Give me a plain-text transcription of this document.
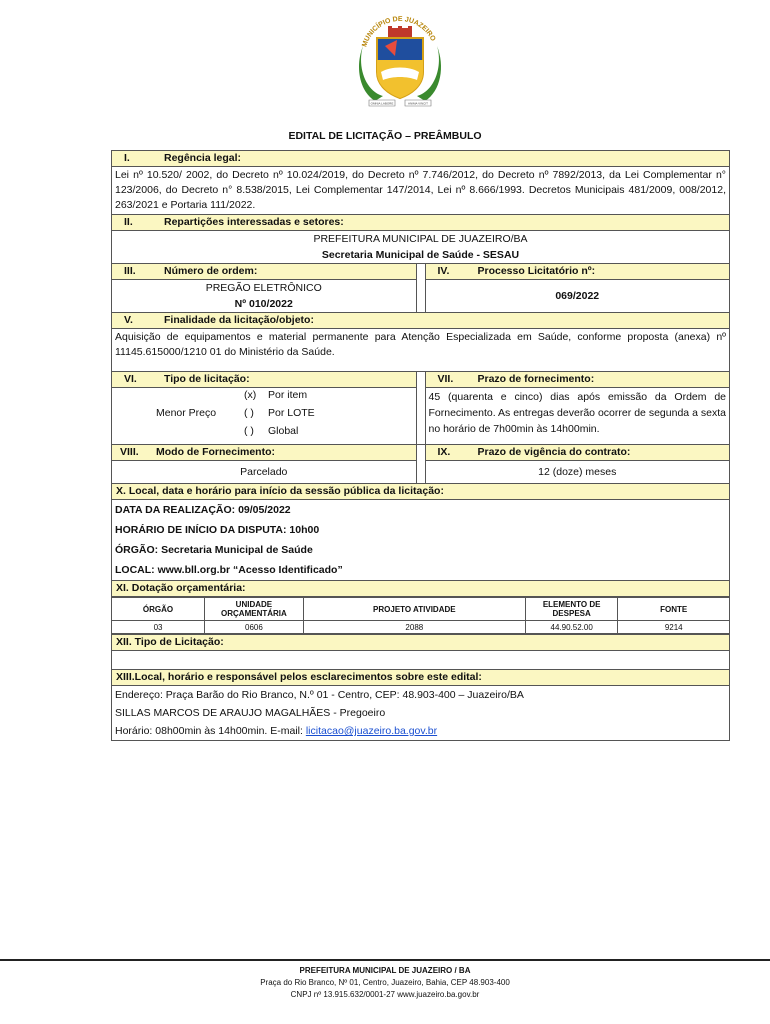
MUNICÍPIO DE JUAZEIRO
OMNIA LABORE	ANIMA VINCIT
EDITAL DE LICITAÇÃO – PREÂMBULO
I.	Regência legal:
Lei nº 10.520/ 2002, do Decreto nº 10.024/2019, do Decreto nº 7.746/2012, do Decreto nº 7892/2013, da Lei Complementar n° 123/2006, do Decreto n° 8.538/2015, Lei Complementar 147/2014, Lei nº 8.666/1993. Decretos Municipais 481/2009, 008/2012, 263/2021 e Portaria 111/2022.
II.	Repartições interessadas e setores:
PREFEITURA MUNICIPAL DE JUAZEIRO/BA
Secretaria Municipal de Saúde - SESAU
III.	Número de ordem:
PREGÃO ELETRÔNICO
Nº 010/2022
IV.	Processo Licitatório nº:
069/2022
V.	Finalidade da licitação/objeto:
Aquisição de equipamentos e material permanente para Atenção Especializada em Saúde, conforme proposta (anexa) nº 11145.615000/1210 01 do Ministério da Saúde.
VI.	Tipo de licitação:
Menor Preço
(x) Por item
( ) Por LOTE
( ) Global
VII. Prazo de fornecimento:
45 (quarenta e cinco) dias após emissão da Ordem de Fornecimento. As entregas deverão ocorrer de segunda a sexta no horário de 7h00min às 14h00min.
VIII. Modo de Fornecimento:
Parcelado
IX.	Prazo de vigência do contrato:
12 (doze) meses
X. Local, data e horário para início da sessão pública da licitação:
DATA DA REALIZAÇÃO: 09/05/2022
HORÁRIO DE INÍCIO DA DISPUTA: 10h00
ÓRGÃO: Secretaria Municipal de Saúde
LOCAL: www.bll.org.br “Acesso Identificado”
XI. Dotação orçamentária:
ÓRGÃO	UNIDADE ORÇAMENTÁRIA	PROJETO ATIVIDADE	ELEMENTO DE DESPESA	FONTE
03	0606	2088	44.90.52.00	9214
XII. Tipo de Licitação:
XIII.Local, horário e responsável pelos esclarecimentos sobre este edital:
Endereço: Praça Barão do Rio Branco, N.º 01 - Centro, CEP: 48.903-400 – Juazeiro/BA
SILLAS MARCOS DE ARAUJO MAGALHÃES - Pregoeiro
Horário: 08h00min às 14h00min. E-mail: licitacao@juazeiro.ba.gov.br
PREFEITURA MUNICIPAL DE JUAZEIRO / BA
Praça do Rio Branco, Nº 01, Centro, Juazeiro, Bahia, CEP 48.903-400
CNPJ nº 13.915.632/0001-27 www.juazeiro.ba.gov.br
